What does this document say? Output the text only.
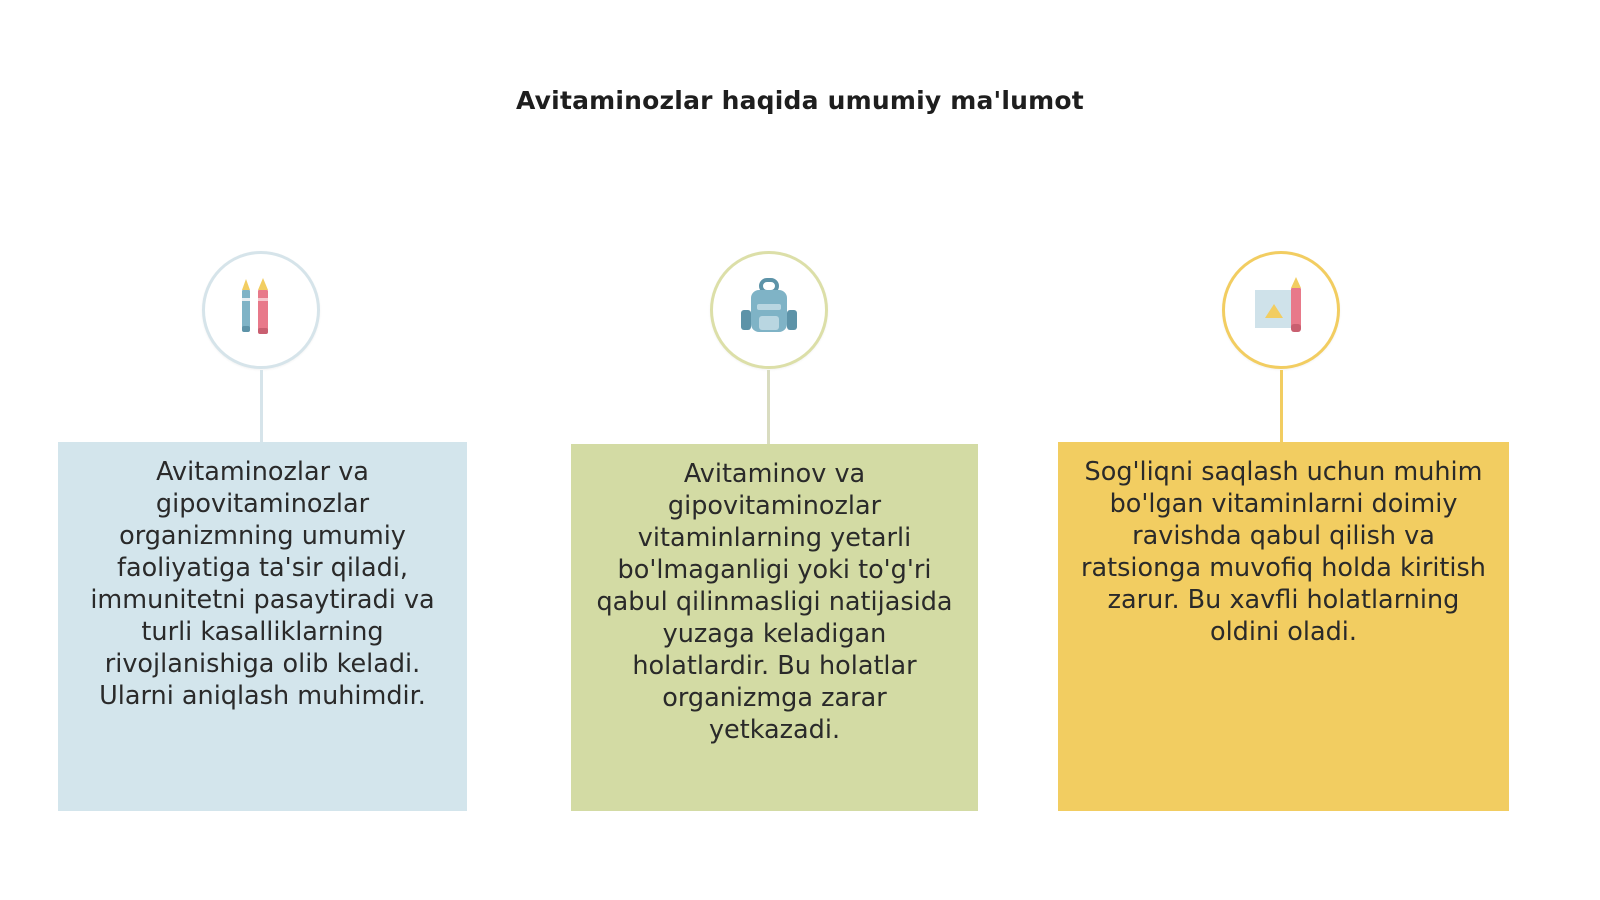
Avitaminozlar haqida umumiy ma'lumot
Avitaminozlar va gipovitaminozlar organizmning umumiy faoliyatiga ta'sir qiladi, immunitetni pasaytiradi va turli kasalliklarning rivojlanishiga olib keladi. Ularni aniqlash muhimdir.
Avitaminov va gipovitaminozlar vitaminlarning yetarli bo'lmaganligi yoki to'g'ri qabul qilinmasligi natijasida yuzaga keladigan holatlardir. Bu holatlar organizmga zarar yetkazadi.
Sog'liqni saqlash uchun muhim bo'lgan vitaminlarni doimiy ravishda qabul qilish va ratsionga muvofiq holda kiritish zarur. Bu xavfli holatlarning oldini oladi.
